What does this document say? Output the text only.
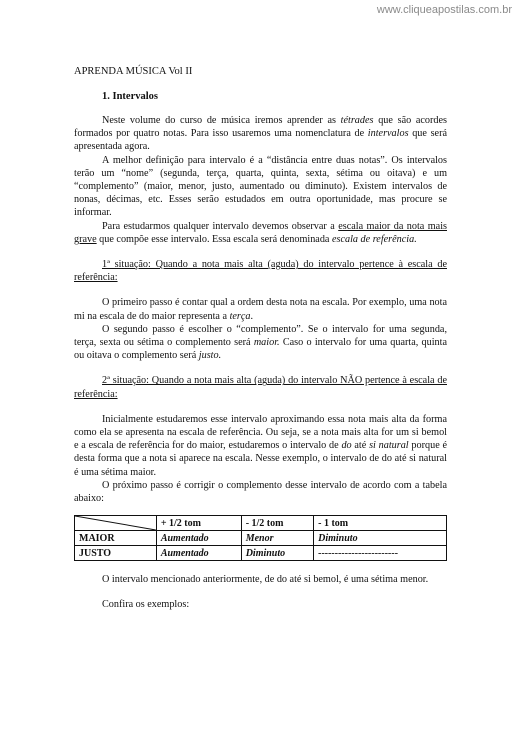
www.cliqueapostilas.com.br
APRENDA MÚSICA Vol II
1. Intervalos

Neste volume do curso de música iremos aprender as tétrades que são acordes formados por quatro notas. Para isso usaremos uma nomenclatura de intervalos que será apresentada agora.

A melhor definição para intervalo é a “distância entre duas notas”. Os intervalos terão um “nome” (segunda, terça, quarta, quinta, sexta, sétima ou oitava) e um “complemento” (maior, menor, justo, aumentado ou diminuto). Existem intervalos de nonas, décimas, etc. Esses serão estudados em outra oportunidade, mas procure se informar.

Para estudarmos qualquer intervalo devemos observar a escala maior da nota mais grave que compõe esse intervalo. Essa escala será denominada escala de referência.

1ª situação: Quando a nota mais alta (aguda) do intervalo pertence à escala de referência:

O primeiro passo é contar qual a ordem desta nota na escala. Por exemplo, uma nota mi na escala de do maior representa a terça.

O segundo passo é escolher o “complemento”. Se o intervalo for uma segunda, terça, sexta ou sétima o complemento será maior. Caso o intervalo for uma quarta, quinta ou oitava o complemento será justo.

2ª situação: Quando a nota mais alta (aguda) do intervalo NÃO pertence à escala de referência:

Inicialmente estudaremos esse intervalo aproximando essa nota mais alta da forma como ela se apresenta na escala de referência. Ou seja, se a nota mais alta for um si bemol e a escala de referência for do maior, estudaremos o intervalo de do até si natural porque é desta forma que a nota si aparece na escala. Nesse exemplo, o intervalo de do até si natural é uma sétima maior.

O próximo passo é corrigir o complemento desse intervalo de acordo com a tabela abaixo:

	+ 1/2 tom	- 1/2 tom	- 1 tom
MAIOR	Aumentado	Menor	Diminuto
JUSTO	Aumentado	Diminuto	------------------------

O intervalo mencionado anteriormente, de do até si bemol, é uma sétima menor.

Confira os exemplos:
